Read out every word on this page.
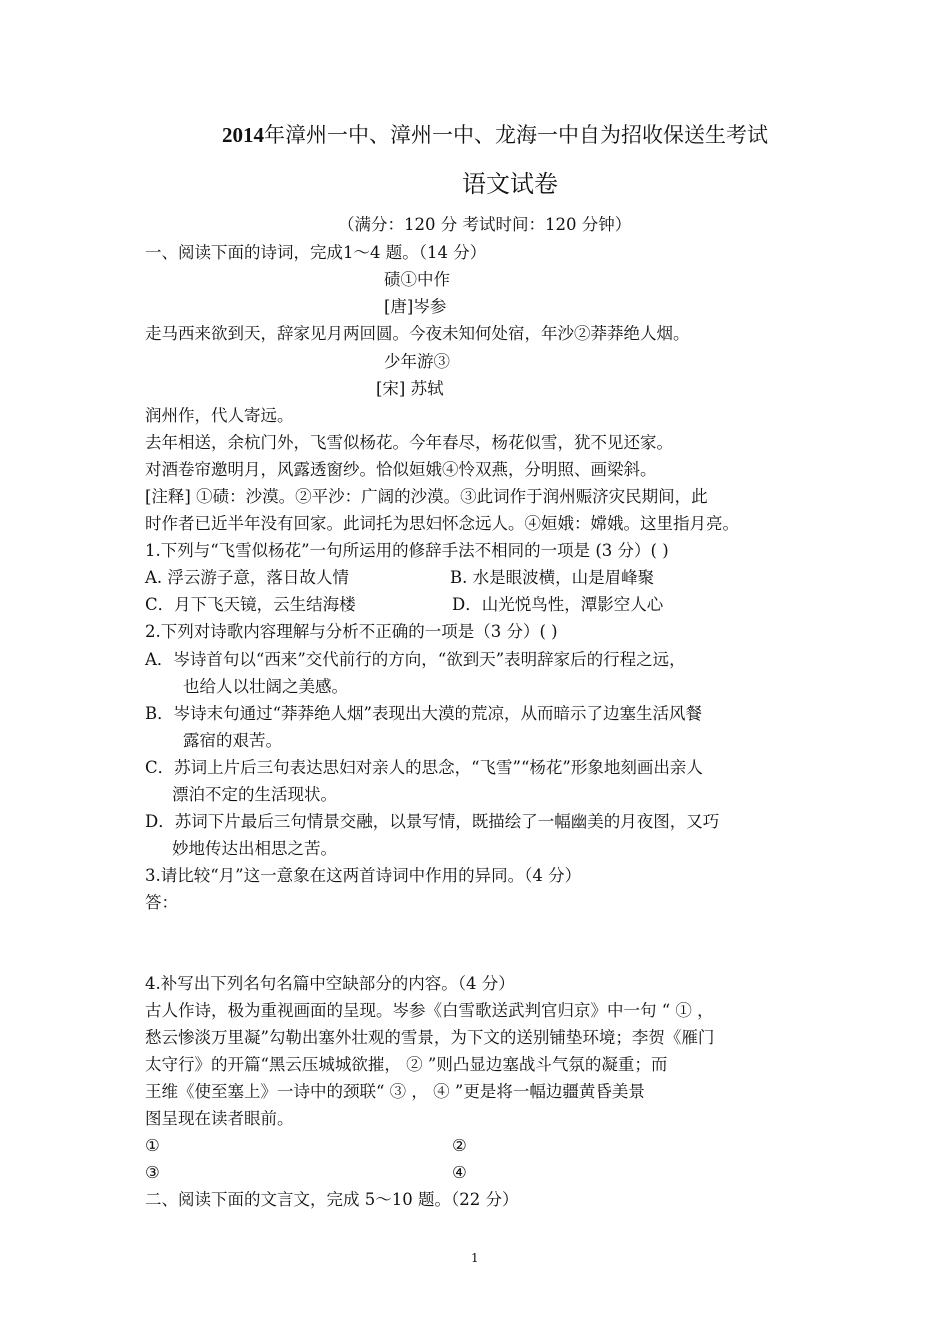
2014年漳州一中、漳州一中、龙海一中自为招收保送生考试
语文试卷
（满分：120 分 考试时间：120 分钟）
一、阅读下面的诗词，完成1～4 题。（14 分）
碛①中作
[唐]岑参
走马西来欲到天，辞家见月两回圆。今夜未知何处宿，年沙②莽莽绝人烟。
少年游③
[宋] 苏轼
润州作，代人寄远。
去年相送，余杭门外，飞雪似杨花。今年春尽，杨花似雪，犹不见还家。
对酒卷帘邀明月，风露透窗纱。恰似姮娥④怜双燕，分明照、画梁斜。
[注释] ①碛：沙漠。②平沙：广阔的沙漠。③此词作于润州赈济灾民期间，此
时作者已近半年没有回家。此词托为思妇怀念远人。④姮娥：嫦娥。这里指月亮。
1.下列与“飞雪似杨花”一句所运用的修辞手法不相同的一项是 (3 分）( )
A. 浮云游子意，落日故人情	B. 水是眼波横，山是眉峰聚
C．月下飞天镜，云生结海楼	D．山光悦鸟性，潭影空人心
2.下列对诗歌内容理解与分析不正确的一项是（3 分）( )
A．岑诗首句以“西来”交代前行的方向，“欲到天”表明辞家后的行程之远，
也给人以壮阔之美感。
B．岑诗末句通过“莽莽绝人烟”表现出大漠的荒凉，从而暗示了边塞生活风餐
露宿的艰苦。
C．苏词上片后三句表达思妇对亲人的思念，“飞雪”“杨花”形象地刻画出亲人
漂泊不定的生活现状。
D．苏词下片最后三句情景交融，以景写情，既描绘了一幅幽美的月夜图，又巧
妙地传达出相思之苦。
3.请比较“月”这一意象在这两首诗词中作用的异同。（4 分）
答：
4.补写出下列名句名篇中空缺部分的内容。（4 分）
古人作诗，极为重视画面的呈现。岑参《白雪歌送武判官归京》中一句 “ ① ，
愁云惨淡万里凝”勾勒出塞外壮观的雪景，为下文的送别铺垫环境；李贺《雁门
太守行》的开篇“黑云压城城欲摧， ② ”则凸显边塞战斗气氛的凝重；而
王维《使至塞上》一诗中的颈联“ ③ ， ④ ”更是将一幅边疆黄昏美景
图呈现在读者眼前。
①	②
③	④
二、阅读下面的文言文，完成 5～10 题。（22 分）
1
